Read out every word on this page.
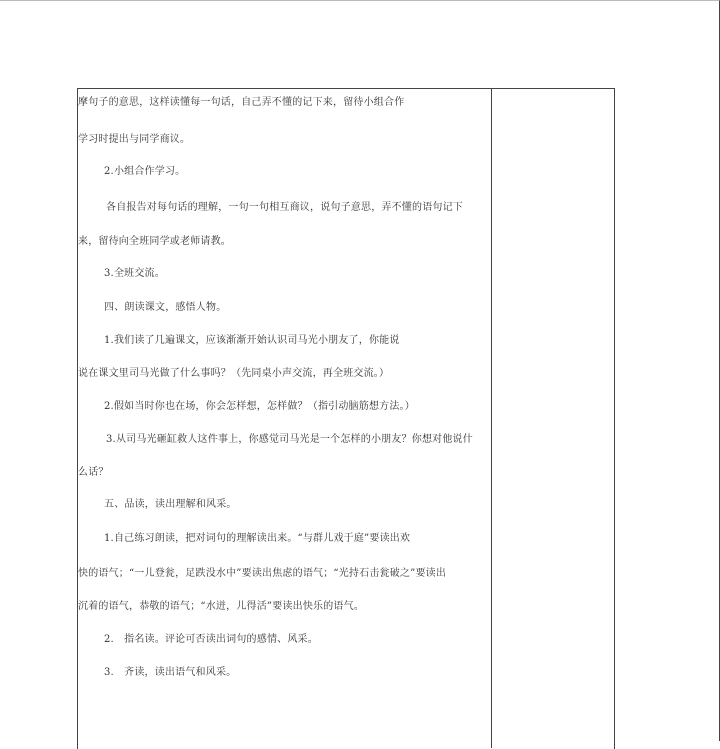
摩句子的意思，这样读懂每一句话，自己弄不懂的记下来，留待小组合作
学习时提出与同学商议。
2.小组合作学习。
各自报告对每句话的理解，一句一句相互商议，说句子意思，弄不懂的语句记下
来，留待向全班同学或老师请教。
3.全班交流。
四、朗读课文，感悟人物。
1.我们读了几遍课文，应该渐渐开始认识司马光小朋友了，你能说
说在课文里司马光做了什么事吗？（先同桌小声交流，再全班交流。）
2.假如当时你也在场，你会怎样想，怎样做？（指引动脑筋想方法。）
3.从司马光砸缸救人这件事上，你感觉司马光是一个怎样的小朋友？你想对他说什
么话？
五、品读，读出理解和风采。
1.自己练习朗读，把对词句的理解读出来。“与群儿戏于庭”要读出欢
快的语气；“一儿登瓮，足跌没水中”要读出焦虑的语气；“光持石击瓮破之”要读出
沉着的语气，恭敬的语气；“水迸，儿得活”要读出快乐的语气。
2.　指名读。评论可否读出词句的感情、风采。
3.　齐读，读出语气和风采。
